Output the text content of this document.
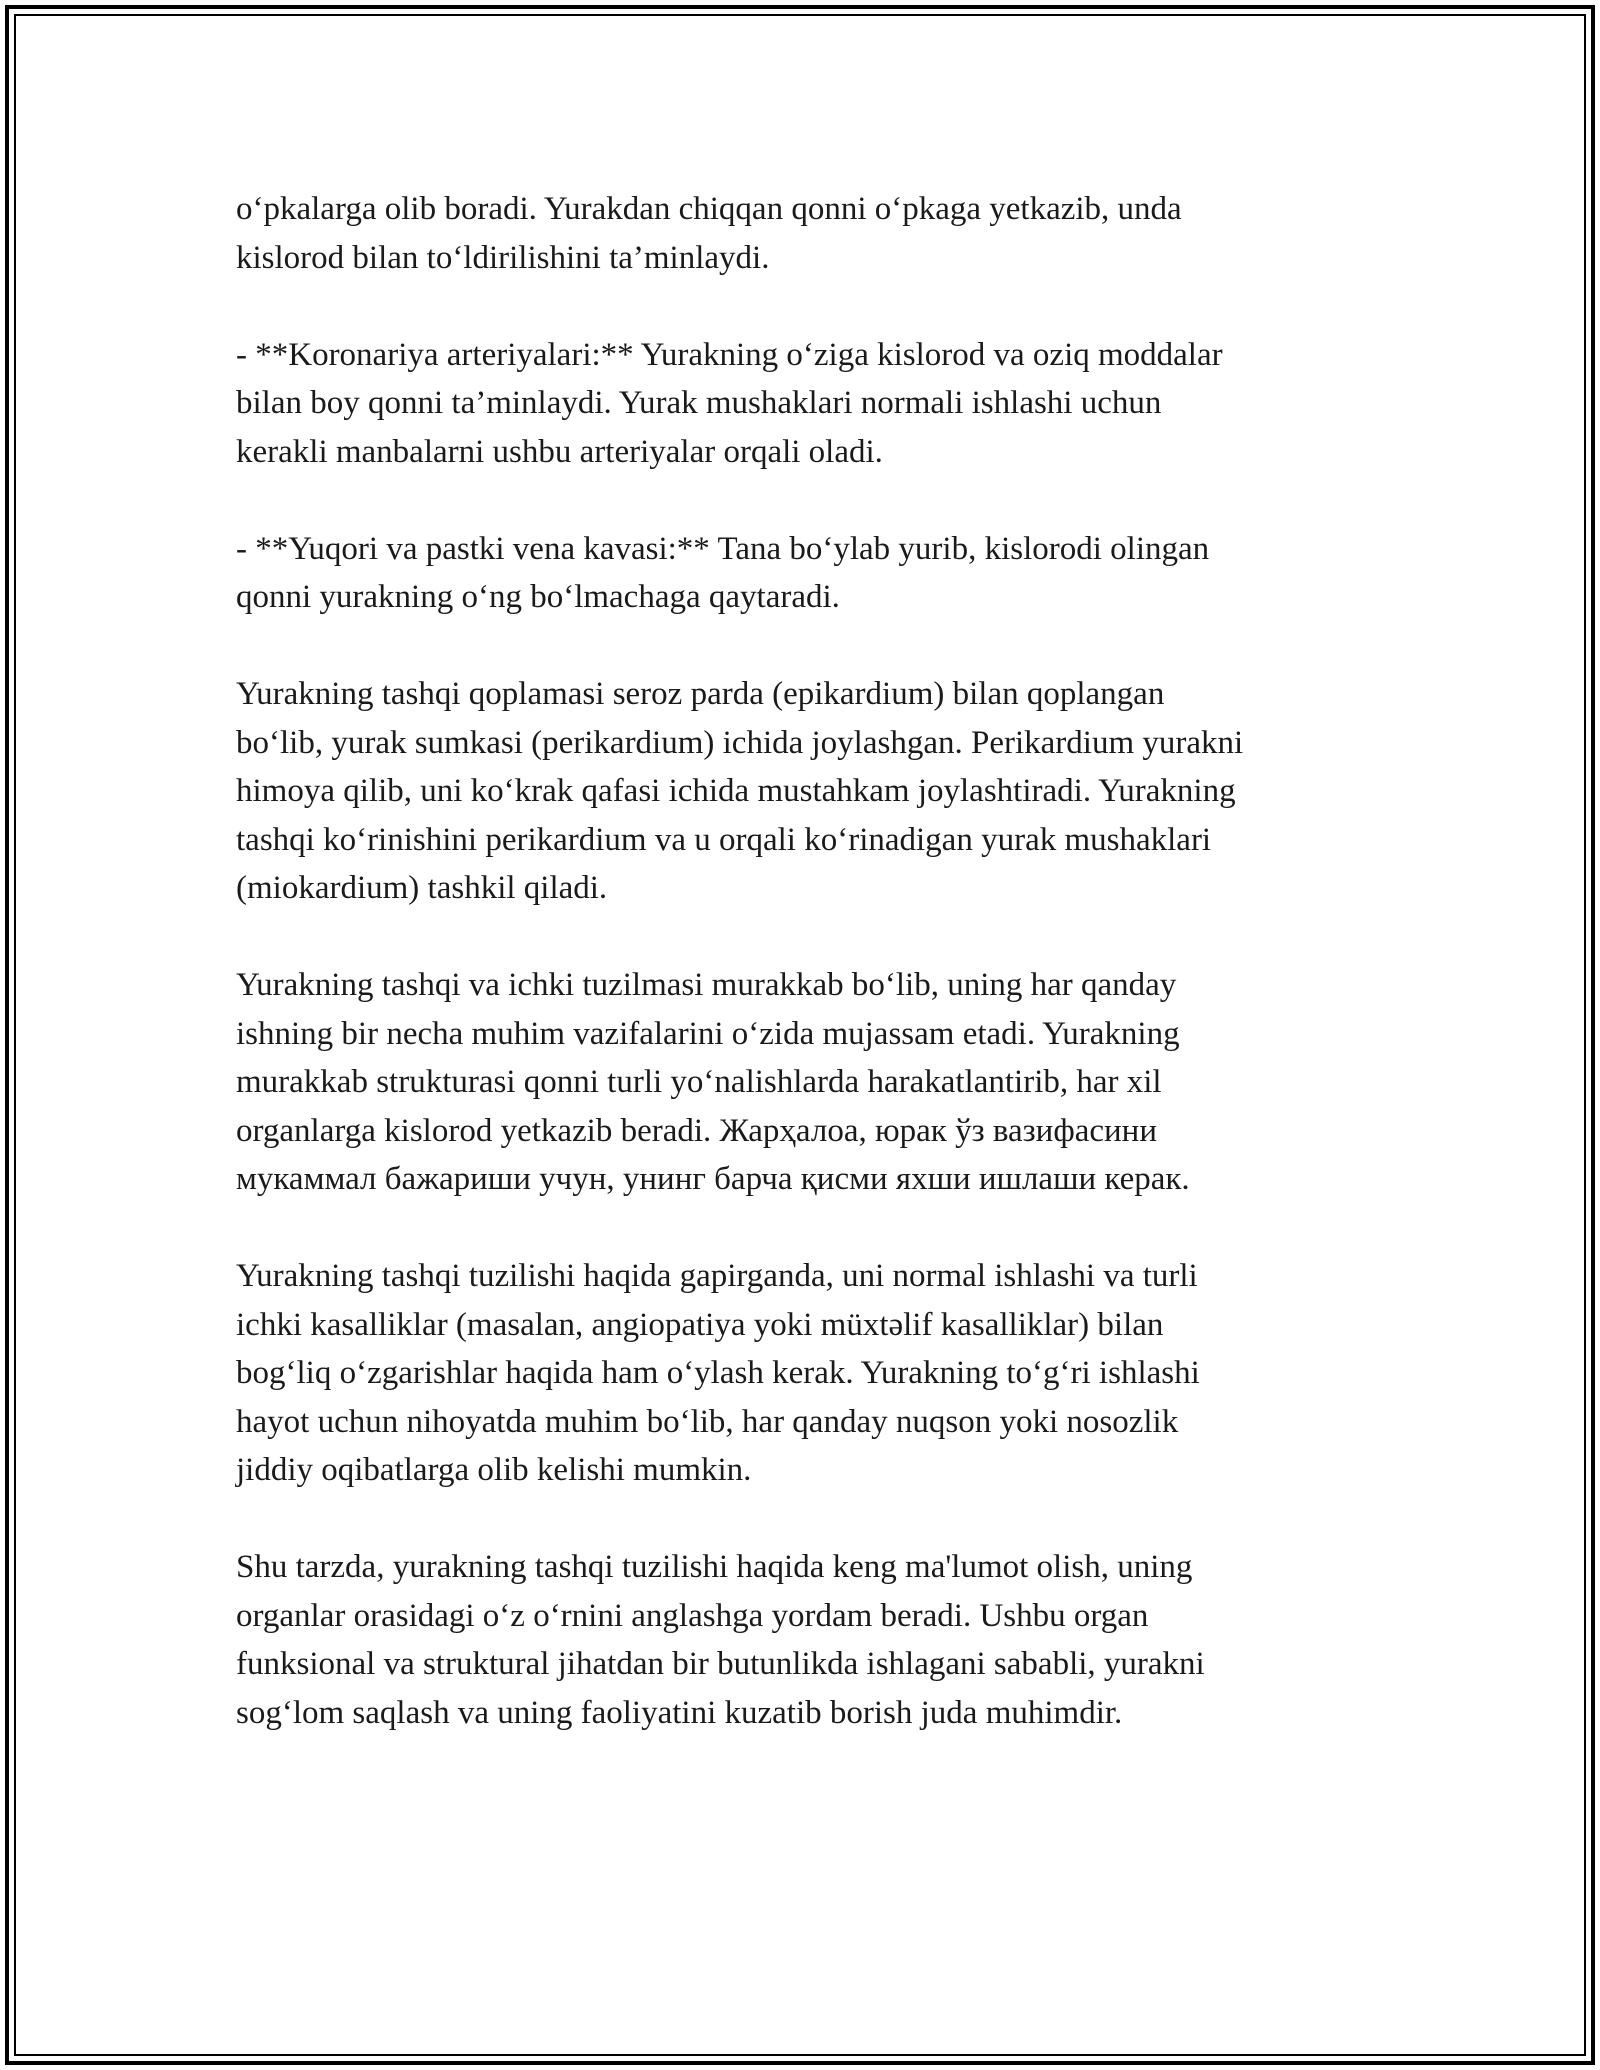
o‘pkalarga olib boradi. Yurakdan chiqqan qonni o‘pkaga yetkazib, unda
kislorod bilan to‘ldirilishini ta’minlaydi.

- **Koronariya arteriyalari:** Yurakning o‘ziga kislorod va oziq moddalar
bilan boy qonni ta’minlaydi. Yurak mushaklari normali ishlashi uchun
kerakli manbalarni ushbu arteriyalar orqali oladi.

- **Yuqori va pastki vena kavasi:** Tana bo‘ylab yurib, kislorodi olingan
qonni yurakning o‘ng bo‘lmachaga qaytaradi.

Yurakning tashqi qoplamasi seroz parda (epikardium) bilan qoplangan
bo‘lib, yurak sumkasi (perikardium) ichida joylashgan. Perikardium yurakni
himoya qilib, uni ko‘krak qafasi ichida mustahkam joylashtiradi. Yurakning
tashqi ko‘rinishini perikardium va u orqali ko‘rinadigan yurak mushaklari
(miokardium) tashkil qiladi.

Yurakning tashqi va ichki tuzilmasi murakkab bo‘lib, uning har qanday
ishning bir necha muhim vazifalarini o‘zida mujassam etadi. Yurakning
murakkab strukturasi qonni turli yo‘nalishlarda harakatlantirib, har xil
organlarga kislorod yetkazib beradi. Жарҳалоа, юрак ўз вазифасини
мукаммал бажариши учун, унинг барча қисми яхши ишлаши керак.

Yurakning tashqi tuzilishi haqida gapirganda, uni normal ishlashi va turli
ichki kasalliklar (masalan, angiopatiya yoki müxtəlif kasalliklar) bilan
bog‘liq o‘zgarishlar haqida ham o‘ylash kerak. Yurakning to‘g‘ri ishlashi
hayot uchun nihoyatda muhim bo‘lib, har qanday nuqson yoki nosozlik
jiddiy oqibatlarga olib kelishi mumkin.

Shu tarzda, yurakning tashqi tuzilishi haqida keng ma'lumot olish, uning
organlar orasidagi o‘z o‘rnini anglashga yordam beradi. Ushbu organ
funksional va struktural jihatdan bir butunlikda ishlagani sababli, yurakni
sog‘lom saqlash va uning faoliyatini kuzatib borish juda muhimdir.
